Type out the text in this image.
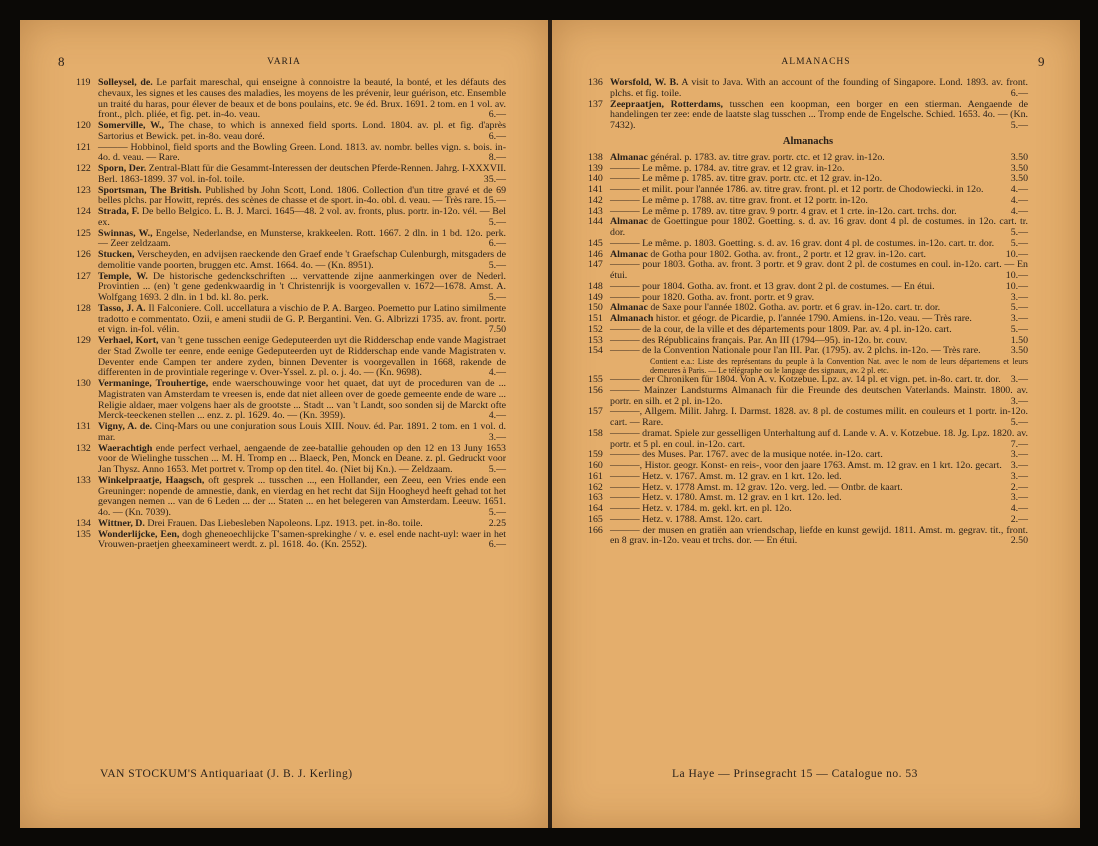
8	VARIA
119 Solleysel, de. Le parfait mareschal, qui enseigne à connoistre la beauté, la bonté, et les défauts des chevaux, les signes et les causes des maladies, les moyens de les prévenir, leur guérison, etc. Ensemble un traité du haras, pour élever de beaux et de bons poulains, etc. 9e éd. Brux. 1691. 2 tom. en 1 vol. av. front., plch. pliée, et fig. pet. in-4o. veau.	6.—
120 Somerville, W., The chase, to which is annexed field sports. Lond. 1804. av. pl. et fig. d'après Sartorius et Bewick. pet. in-8o. veau doré.	6.—
121 ——— Hobbinol, field sports and the Bowling Green. Lond. 1813. av. nombr. belles vign. s. bois. in-4o. d. veau. — Rare.	8.—
122 Sporn, Der. Zentral-Blatt für die Gesammt-Interessen der deutschen Pferde-Rennen. Jahrg. I-XXXVII. Berl. 1863-1899. 37 vol. in-fol. toile.	35.—
123 Sportsman, The British. Published by John Scott, Lond. 1806. Collection d'un titre gravé et de 69 belles plchs. par Howitt, représ. des scènes de chasse et de sport. in-4o. obl. d. veau. — Très rare. 15.—
124 Strada, F. De bello Belgico. L. B. J. Marci. 1645—48. 2 vol. av. fronts, plus. portr. in-12o. vél. — Bel ex.	5.—
125 Swinnas, W., Engelse, Nederlandse, en Munsterse, krakkeelen. Rott. 1667. 2 dln. in 1 bd. 12o. perk. — Zeer zeldzaam.	6.—
126 Stucken, Verscheyden, en advijsen raeckende den Graef ende 't Graefschap Culenburgh, mitsgaders de demolitie vande poorten, bruggen etc. Amst. 1664. 4o. — (Kn. 8951).	5.—
127 Temple, W. De historische gedenckschriften ... vervattende zijne aanmerkingen over de Nederl. Provintien ... (en) 't gene gedenkwaardig in 't Christenrijk is voorgevallen v. 1672—1678. Amst. A. Wolfgang 1693. 2 dln. in 1 bd. kl. 8o. perk.	5.—
128 Tasso, J. A. Il Falconiere. Coll. uccellatura a vischio de P. A. Bargeo. Poemetto pur Latino similmente tradotto e commentato. Ozii, e ameni studii de G. P. Bergantini. Ven. G. Albrizzi 1735. av. front. portr. et vign. in-fol. vélin.	7.50
129 Verhael, Kort, van 't gene tusschen eenige Gedeputeerden uyt die Ridderschap ende vande Magistraet der Stad Zwolle ter eenre, ende eenige Gedeputeerden uyt de Ridderschap ende vande Magistraten v. Deventer ende Campen ter andere zyden, binnen Deventer is voorgevallen in 1668, rakende de differenten in de provintiale regeringe v. Over-Yssel. z. pl. o. j. 4o. — (Kn. 9698).	4.—
130 Vermaninge, Trouhertige, ende waerschouwinge voor het quaet, dat uyt de proceduren van de ... Magistraten van Amsterdam te vreesen is, ende dat niet alleen over de goede gemeente ende de ware ... Religie aldaer, maer volgens haer als de grootste ... Stadt ... van 't Landt, soo sonden sij de Marckt ofte Merck-teeckenen stellen ... enz. z. pl. 1629. 4o. — (Kn. 3959).	4.—
131 Vigny, A. de. Cinq-Mars ou une conjuration sous Louis XIII. Nouv. éd. Par. 1891. 2 tom. en 1 vol. d. mar.	3.—
132 Waerachtigh ende perfect verhael, aengaende de zee-batallie gehouden op den 12 en 13 Juny 1653 voor de Wielinghe tusschen ... M. H. Tromp en ... Blaeck, Pen, Monck en Deane. z. pl. Gedruckt voor Jan Thysz. Anno 1653. Met portret v. Tromp op den titel. 4o. (Niet bij Kn.). — Zeldzaam.	5.—
133 Winkelpraatje, Haagsch, oft gesprek ... tusschen ..., een Hollander, een Zeeu, een Vries ende een Greuninger: nopende de amnestie, dank, en vierdag en het recht dat Sijn Hoogheyd heeft gehad tot het gevangen nemen ... van de 6 Leden ... der ... Staten ... en het belegeren van Amsterdam. Leeuw. 1651. 4o. — (Kn. 7039).	5.—
134 Wittner, D. Drei Frauen. Das Liebesleben Napoleons. Lpz. 1913. pet. in-8o. toile.	2.25
135 Wonderlijcke, Een, dogh gheneoechlijcke T'samen-sprekinghe / v. e. esel ende nacht-uyl: waer in het Vrouwen-praetjen gheexamineert werdt. z. pl. 1618. 4o. (Kn. 2552).	6.—
VAN STOCKUM'S Antiquariaat (J. B. J. Kerling)
9
ALMANACHS
136 Worsfold, W. B. A visit to Java. With an account of the founding of Singapore. Lond. 1893. av. front. plchs. et fig. toile.	6.—
137 Zeepraatjen, Rotterdams, tusschen een koopman, een borger en een stierman. Aengaende de handelingen ter zee: ende de laatste slag tusschen ... Tromp ende de Engelsche. Schied. 1653. 4o. — (Kn. 7432).	5.—
Almanachs
138 Almanac général. p. 1783. av. titre grav. portr. ctc. et 12 grav. in-12o.	3.50
139 ——— Le même. p. 1784. av. titre grav. et 12 grav. in-12o.	3.50
140 ——— Le même p. 1785. av. titre grav. portr. ctc. et 12 grav. in-12o.	3.50
141 ——— et milit. pour l'année 1786. av. titre grav. front. pl. et 12 portr. de Chodowiecki. in 12o.	4.—
142 ——— Le même p. 1788. av. titre grav. front. et 12 portr. in-12o.	4.—
143 ——— Le même p. 1789. av. titre grav. 9 portr. 4 grav. et 1 crte. in-12o. cart. trchs. dor.	4.—
144 Almanac de Goettingue pour 1802. Goetting. s. d. av. 16 grav. dont 4 pl. de costumes. in 12o. cart. tr. dor.	5.—
145 ——— Le même. p. 1803. Goetting. s. d. av. 16 grav. dont 4 pl. de costumes. in-12o. cart. tr. dor. 5.—
146 Almanac de Gotha pour 1802. Gotha. av. front., 2 portr. et 12 grav. in-12o. cart.	10.—
147 ——— pour 1803. Gotha. av. front. 3 portr. et 9 grav. dont 2 pl. de costumes en coul. in-12o. cart. — En étui.	10.—
148 ——— pour 1804. Gotha. av. front. et 13 grav. dont 2 pl. de costumes. — En étui.	10.—
149 ——— pour 1820. Gotha. av. front. portr. et 9 grav.	3.—
150 Almanac de Saxe pour l'année 1802. Gotha. av. portr. et 6 grav. in-12o. cart. tr. dor.	5.—
151 Almanach histor. et géogr. de Picardie, p. l'année 1790. Amiens. in-12o. veau. — Très rare.	3.—
152 ——— de la cour, de la ville et des départements pour 1809. Par. av. 4 pl. in-12o. cart.	5.—
153 ——— des Républicains français. Par. An III (1794—95). in-12o. br. couv.	1.50
154 ——— de la Convention Nationale pour l'an III. Par. (1795). av. 2 plchs. in-12o. — Très rare.	3.50
Contient e.a.: Liste des représentans du peuple à la Convention Nat. avec le nom de leurs départemens et leurs demeures à Paris. — Le télégraphe ou le langage des signaux, av. 2 pl. etc.
155 ——— der Chroniken für 1804. Von A. v. Kotzebue. Lpz. av. 14 pl. et vign. pet. in-8o. cart. tr. dor. 3.—
156 ——— Mainzer Landsturms Almanach für die Freunde des deutschen Vaterlands. Mainstr. 1800. av. portr. en silh. et 2 pl. in-12o.	3.—
157 ———, Allgem. Milit. Jahrg. I. Darmst. 1828. av. 8 pl. de costumes milit. en couleurs et 1 portr. in-12o. cart. — Rare.	5.—
158 ——— dramat. Spiele zur gesselligen Unterhaltung auf d. Lande v. A. v. Kotzebue. 18. Jg. Lpz. 1820. av. portr. et 5 pl. en coul. in-12o. cart.	7.—
159 ——— des Muses. Par. 1767. avec de la musique notée. in-12o. cart.	3.—
160 ———, Histor. geogr. Konst- en reis-, voor den jaare 1763. Amst. m. 12 grav. en 1 krt. 12o. gecart. 3.—
161 ——— Hetz. v. 1767. Amst. m. 12 grav. en 1 krt. 12o. led.	3.—
162 ——— Hetz. v. 1778 Amst. m. 12 grav. 12o. verg. led. — Ontbr. de kaart.	2.—
163 ——— Hetz. v. 1780. Amst. m. 12 grav. en 1 krt. 12o. led.	3.—
164 ——— Hetz. v. 1784. m. gekl. krt. en pl. 12o.	4.—
165 ——— Hetz. v. 1788. Amst. 12o. cart.	2.—
166 ——— der musen en gratiën aan vriendschap, liefde en kunst gewijd. 1811. Amst. m. gegrav. tit., front. en 8 grav. in-12o. veau et trchs. dor. — En étui.	2.50
La Haye — Prinsegracht 15 — Catalogue no. 53
